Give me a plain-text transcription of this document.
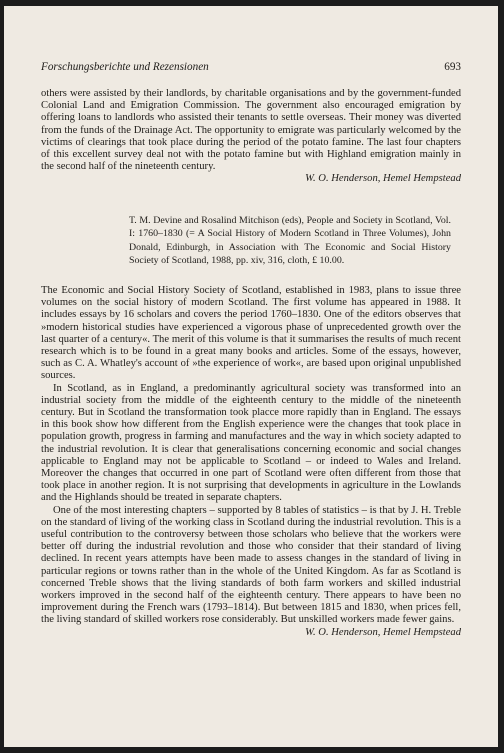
Forschungsberichte und Rezensionen	693

others were assisted by their landlords, by charitable organisations and by the government-funded Colonial Land and Emigration Commission. The government also encouraged emigration by offering loans to landlords who assisted their tenants to settle overseas. Their money was diverted from the funds of the Drainage Act. The opportunity to emigrate was particularly welcomed by the victims of clearings that took place during the period of the potato famine. The last four chapters of this excellent survey deal not with the potato famine but with Highland emigration mainly in the second half of the nineteenth century.

W. O. Henderson, Hemel Hempstead

T. M. Devine and Rosalind Mitchison (eds), People and Society in Scotland, Vol. I: 1760–1830 (= A Social History of Modern Scotland in Three Volumes), John Donald, Edinburgh, in Association with The Economic and Social History Society of Scotland, 1988, pp. xiv, 316, cloth, £ 10.00.

The Economic and Social History Society of Scotland, established in 1983, plans to issue three volumes on the social history of modern Scotland. The first volume has appeared in 1988. It includes essays by 16 scholars and covers the period 1760–1830. One of the editors observes that »modern historical studies have experienced a vigorous phase of unprecedented growth over the last quarter of a century«. The merit of this volume is that it summarises the results of much recent research which is to be found in a great many books and articles. Some of the essays, however, such as C. A. Whatley's account of »the experience of work«, are based upon original unpublished sources.

In Scotland, as in England, a predominantly agricultural society was transformed into an industrial society from the middle of the eighteenth century to the middle of the nineteenth century. But in Scotland the transformation took placce more rapidly than in England. The essays in this book show how different from the English experience were the changes that took place in population growth, progress in farming and manufactures and the way in which society adapted to the industrial revolution. It is clear that generalisations concerning economic and social changes applicable to England may not be applicable to Scotland – or indeed to Wales and Ireland. Moreover the changes that occurred in one part of Scotland were often different from those that took place in another region. It is not surprising that developments in agriculture in the Lowlands and the Highlands should be treated in separate chapters.

One of the most interesting chapters – supported by 8 tables of statistics – is that by J. H. Treble on the standard of living of the working class in Scotland during the industrial revolution. This is a useful contribution to the controversy between those scholars who believe that the workers were better off during the industrial revolution and those who consider that their standard of living declined. In recent years attempts have been made to assess changes in the standard of living in particular regions or towns rather than in the whole of the United Kingdom. As far as Scotland is concerned Treble shows that the living standards of both farm workers and skilled industrial workers improved in the second half of the eighteenth century. There appears to have been no improvement during the French wars (1793–1814). But between 1815 and 1830, when prices fell, the living standard of skilled workers rose considerably. But unskilled workers made fewer gains.

W. O. Henderson, Hemel Hempstead
